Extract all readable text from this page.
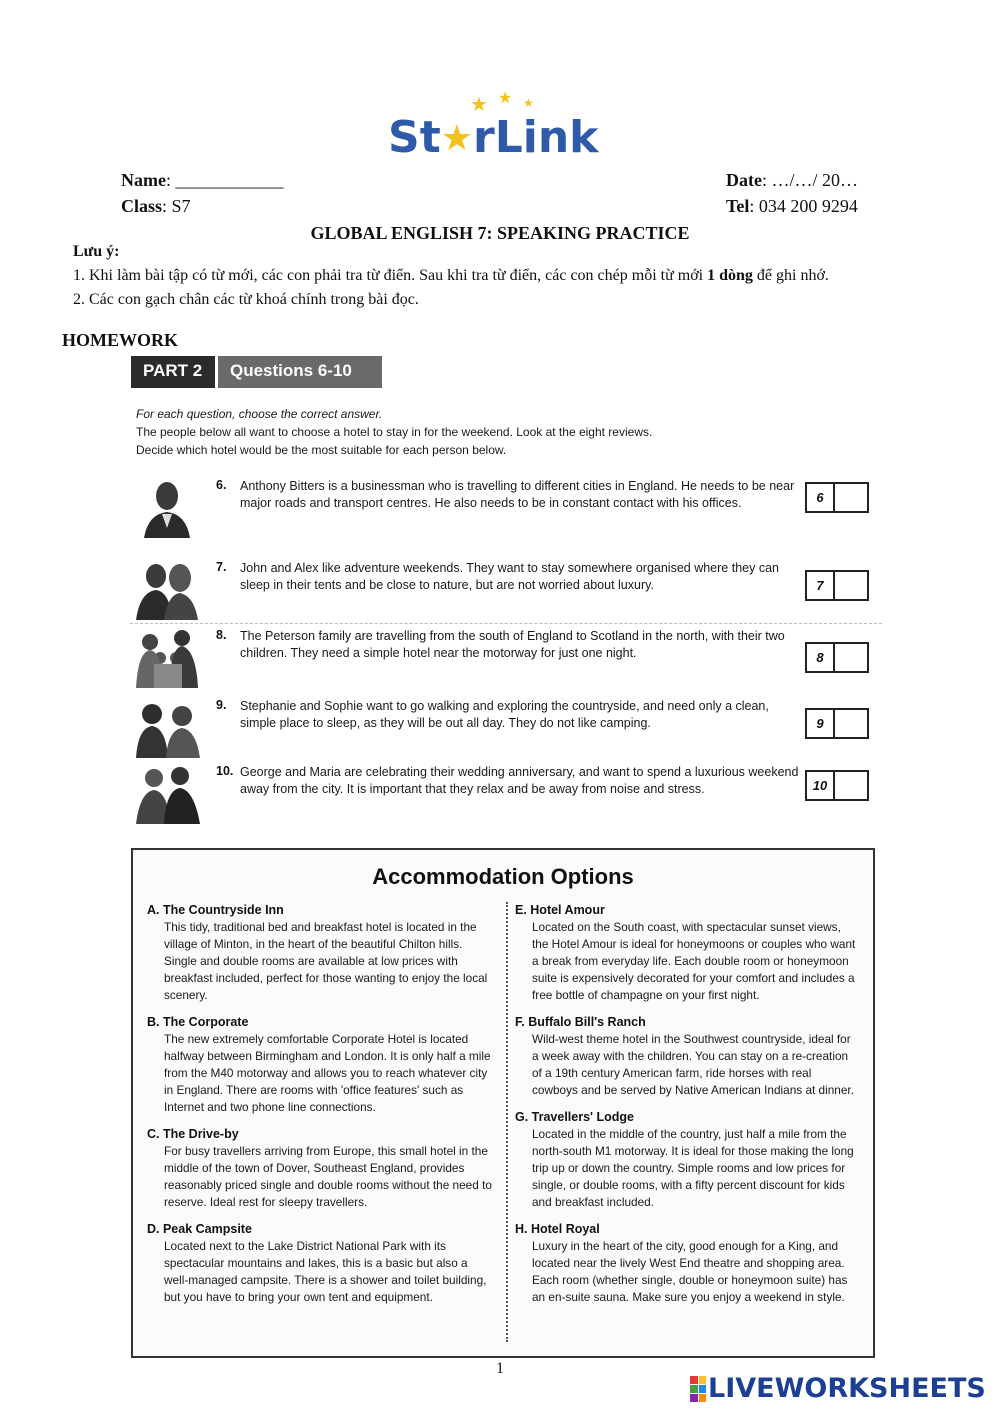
★ ★ ★
St★rLink
Name: ____________
Class: S7
Date: …/…/ 20…
Tel: 034 200 9294
GLOBAL ENGLISH 7: SPEAKING PRACTICE
Lưu ý:
1. Khi làm bài tập có từ mới, các con phải tra từ điển. Sau khi tra từ điển, các con chép mỗi từ mới 1 dòng để ghi nhớ.
2. Các con gạch chân các từ khoá chính trong bài đọc.
HOMEWORK
PART 2	Questions 6-10
For each question, choose the correct answer.
The people below all want to choose a hotel to stay in for the weekend. Look at the eight reviews.
Decide which hotel would be the most suitable for each person below.
6. Anthony Bitters is a businessman who is travelling to different cities in England. He needs to be near major roads and transport centres. He also needs to be in constant contact with his offices.	6
7. John and Alex like adventure weekends. They want to stay somewhere organised where they can sleep in their tents and be close to nature, but are not worried about luxury.	7
8. The Peterson family are travelling from the south of England to Scotland in the north, with their two children. They need a simple hotel near the motorway for just one night.	8
9. Stephanie and Sophie want to go walking and exploring the countryside, and need only a clean, simple place to sleep, as they will be out all day. They do not like camping.	9
10. George and Maria are celebrating their wedding anniversary, and want to spend a luxurious weekend away from the city. It is important that they relax and be away from noise and stress.	10
Accommodation Options
A. The Countryside Inn
This tidy, traditional bed and breakfast hotel is located in the village of Minton, in the heart of the beautiful Chilton hills. Single and double rooms are available at low prices with breakfast included, perfect for those wanting to enjoy the local scenery.
B. The Corporate
The new extremely comfortable Corporate Hotel is located halfway between Birmingham and London. It is only half a mile from the M40 motorway and allows you to reach whatever city in England. There are rooms with 'office features' such as Internet and two phone line connections.
C. The Drive-by
For busy travellers arriving from Europe, this small hotel in the middle of the town of Dover, Southeast England, provides reasonably priced single and double rooms without the need to reserve. Ideal rest for sleepy travellers.
D. Peak Campsite
Located next to the Lake District National Park with its spectacular mountains and lakes, this is a basic but also a well-managed campsite. There is a shower and toilet building, but you have to bring your own tent and equipment.
E. Hotel Amour
Located on the South coast, with spectacular sunset views, the Hotel Amour is ideal for honeymoons or couples who want a break from everyday life. Each double room or honeymoon suite is expensively decorated for your comfort and includes a free bottle of champagne on your first night.
F. Buffalo Bill's Ranch
Wild-west theme hotel in the Southwest countryside, ideal for a week away with the children. You can stay on a re-creation of a 19th century American farm, ride horses with real cowboys and be served by Native American Indians at dinner.
G. Travellers' Lodge
Located in the middle of the country, just half a mile from the north-south M1 motorway. It is ideal for those making the long trip up or down the country. Simple rooms and low prices for single, or double rooms, with a fifty percent discount for kids and breakfast included.
H. Hotel Royal
Luxury in the heart of the city, good enough for a King, and located near the lively West End theatre and shopping area. Each room (whether single, double or honeymoon suite) has an en-suite sauna. Make sure you enjoy a weekend in style.
1
LIVEWORKSHEETS
